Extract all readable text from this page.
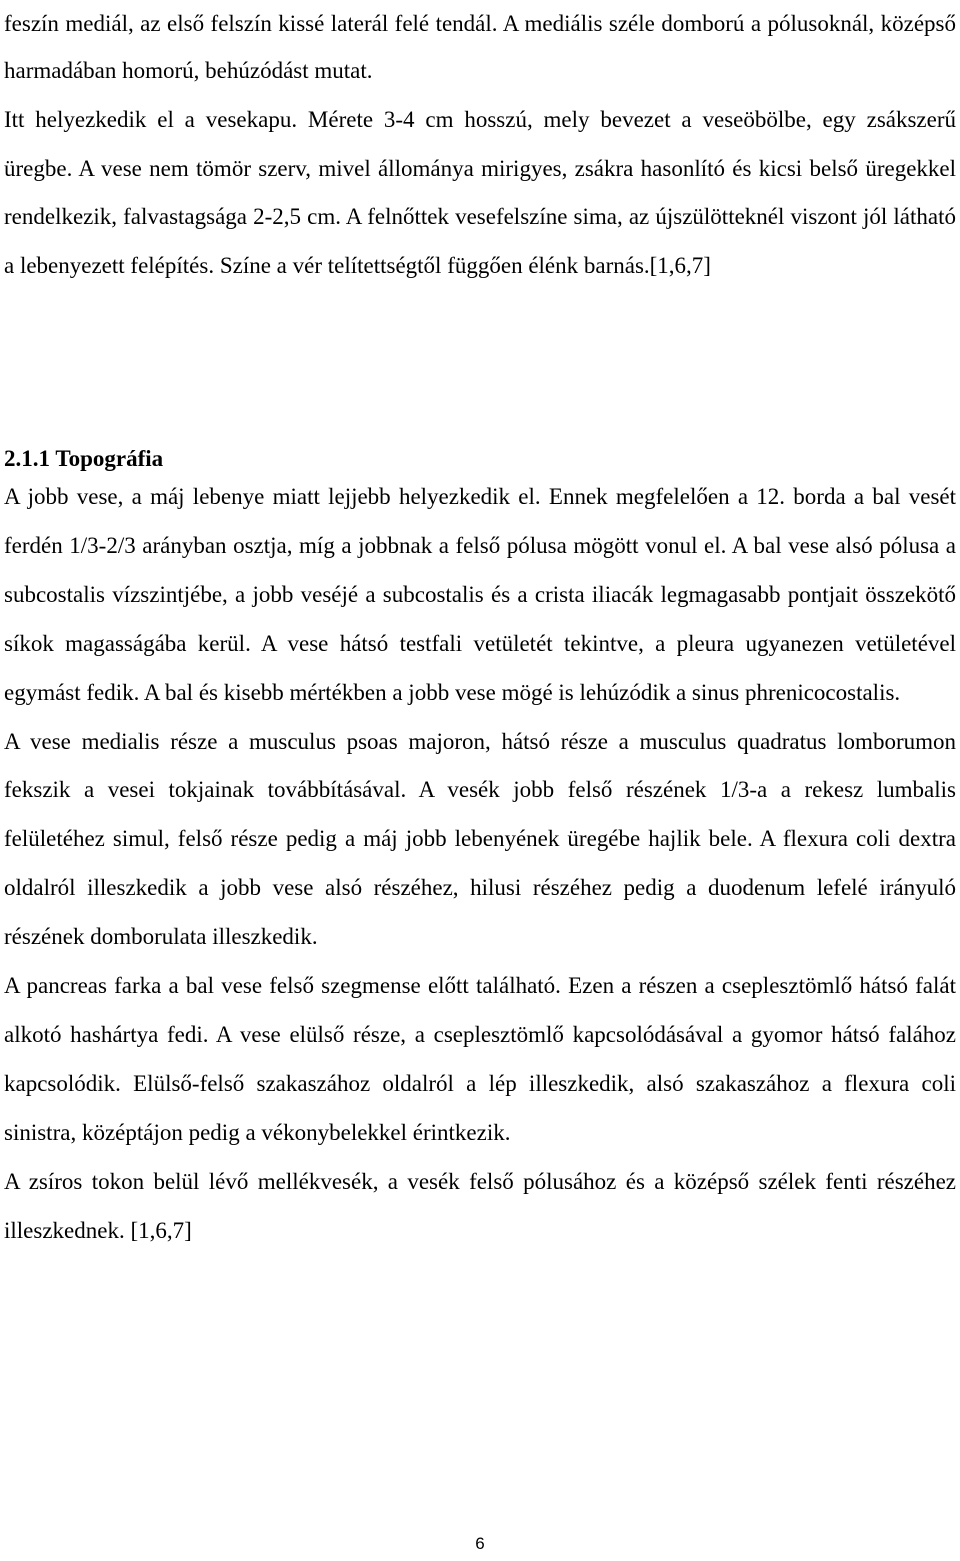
feszín mediál, az első felszín kissé laterál felé tendál. A mediális széle domború a pólusoknál, középső harmadában homorú, behúzódást mutat.

Itt helyezkedik el a vesekapu. Mérete 3-4 cm hosszú, mely bevezet a veseöbölbe, egy zsákszerű üregbe. A vese nem tömör szerv, mivel állománya mirigyes, zsákra hasonlító és kicsi belső üregekkel rendelkezik, falvastagsága 2-2,5 cm. A felnőttek vesefelszíne sima, az újszülötteknél viszont jól látható a lebenyezett felépítés. Színe a vér telítettségtől függően élénk barnás.[1,6,7]

2.1.1 Topográfia

A jobb vese, a máj lebenye miatt lejjebb helyezkedik el. Ennek megfelelően a 12. borda a bal vesét ferdén 1/3-2/3 arányban osztja, míg a jobbnak a felső pólusa mögött vonul el. A bal vese alsó pólusa a subcostalis vízszintjébe, a jobb veséjé a subcostalis és a crista iliacák legmagasabb pontjait összekötő síkok magasságába kerül. A vese hátsó testfali vetületét tekintve, a pleura ugyanezen vetületével egymást fedik. A bal és kisebb mértékben a jobb vese mögé is lehúzódik a sinus phrenicocostalis.

A vese medialis része a musculus psoas majoron, hátsó része a musculus quadratus lomborumon fekszik a vesei tokjainak továbbításával. A vesék jobb felső részének 1/3-a a rekesz lumbalis felületéhez simul, felső része pedig a máj jobb lebenyének üregébe hajlik bele. A flexura coli dextra oldalról illeszkedik a jobb vese alsó részéhez, hilusi részéhez pedig a duodenum lefelé irányuló részének domborulata illeszkedik.

A pancreas farka a bal vese felső szegmense előtt található. Ezen a részen a cseplesztömlő hátsó falát alkotó hashártya fedi. A vese elülső része, a cseplesztömlő kapcsolódásával a gyomor hátsó falához kapcsolódik. Elülső-felső szakaszához oldalról a lép illeszkedik, alsó szakaszához a flexura coli sinistra, középtájon pedig a vékonybelekkel érintkezik.

A zsíros tokon belül lévő mellékvesék, a vesék felső pólusához és a középső szélek fenti részéhez illeszkednek. [1,6,7]

6
